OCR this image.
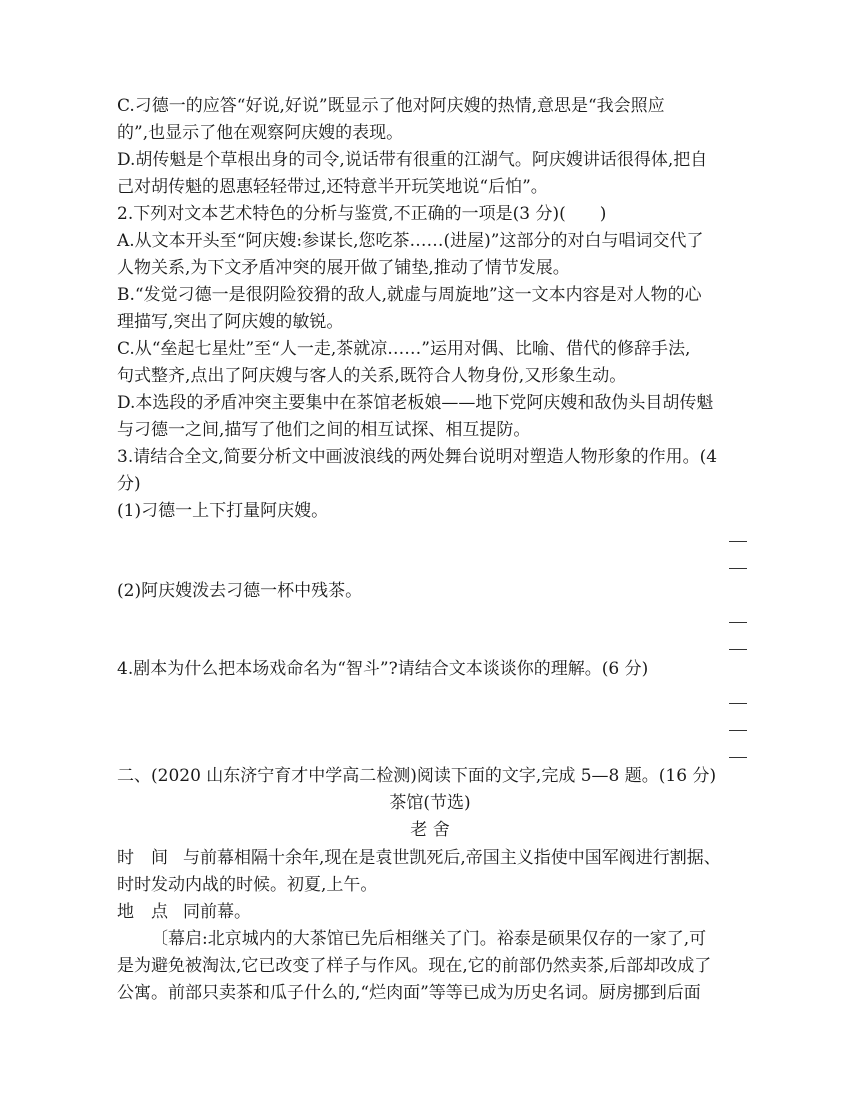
C.刁德一的应答“好说,好说”既显示了他对阿庆嫂的热情,意思是“我会照应
的”,也显示了他在观察阿庆嫂的表现。
D.胡传魁是个草根出身的司令,说话带有很重的江湖气。阿庆嫂讲话很得体,把自
己对胡传魁的恩惠轻轻带过,还特意半开玩笑地说“后怕”。
2.下列对文本艺术特色的分析与鉴赏,不正确的一项是(3 分)(　　)
A.从文本开头至“阿庆嫂:参谋长,您吃茶……(进屋)”这部分的对白与唱词交代了
人物关系,为下文矛盾冲突的展开做了铺垫,推动了情节发展。
B.“发觉刁德一是很阴险狡猾的敌人,就虚与周旋地”这一文本内容是对人物的心
理描写,突出了阿庆嫂的敏锐。
C.从“垒起七星灶”至“人一走,茶就凉……”运用对偶、比喻、借代的修辞手法,
句式整齐,点出了阿庆嫂与客人的关系,既符合人物身份,又形象生动。
D.本选段的矛盾冲突主要集中在茶馆老板娘——地下党阿庆嫂和敌伪头目胡传魁
与刁德一之间,描写了他们之间的相互试探、相互提防。
3.请结合全文,简要分析文中画波浪线的两处舞台说明对塑造人物形象的作用。(4
分)
(1)刁德一上下打量阿庆嫂。
(2)阿庆嫂泼去刁德一杯中残茶。
4.剧本为什么把本场戏命名为“智斗”?请结合文本谈谈你的理解。(6 分)
二、(2020 山东济宁育才中学高二检测)阅读下面的文字,完成 5—8 题。(16 分)
茶馆(节选)
老 舍
时　间 与前幕相隔十余年,现在是袁世凯死后,帝国主义指使中国军阀进行割据、
时时发动内战的时候。初夏,上午。
地　点 同前幕。
〔幕启:北京城内的大茶馆已先后相继关了门。裕泰是硕果仅存的一家了,可
是为避免被淘汰,它已改变了样子与作风。现在,它的前部仍然卖茶,后部却改成了
公寓。前部只卖茶和瓜子什么的,“烂肉面”等等已成为历史名词。厨房挪到后面
